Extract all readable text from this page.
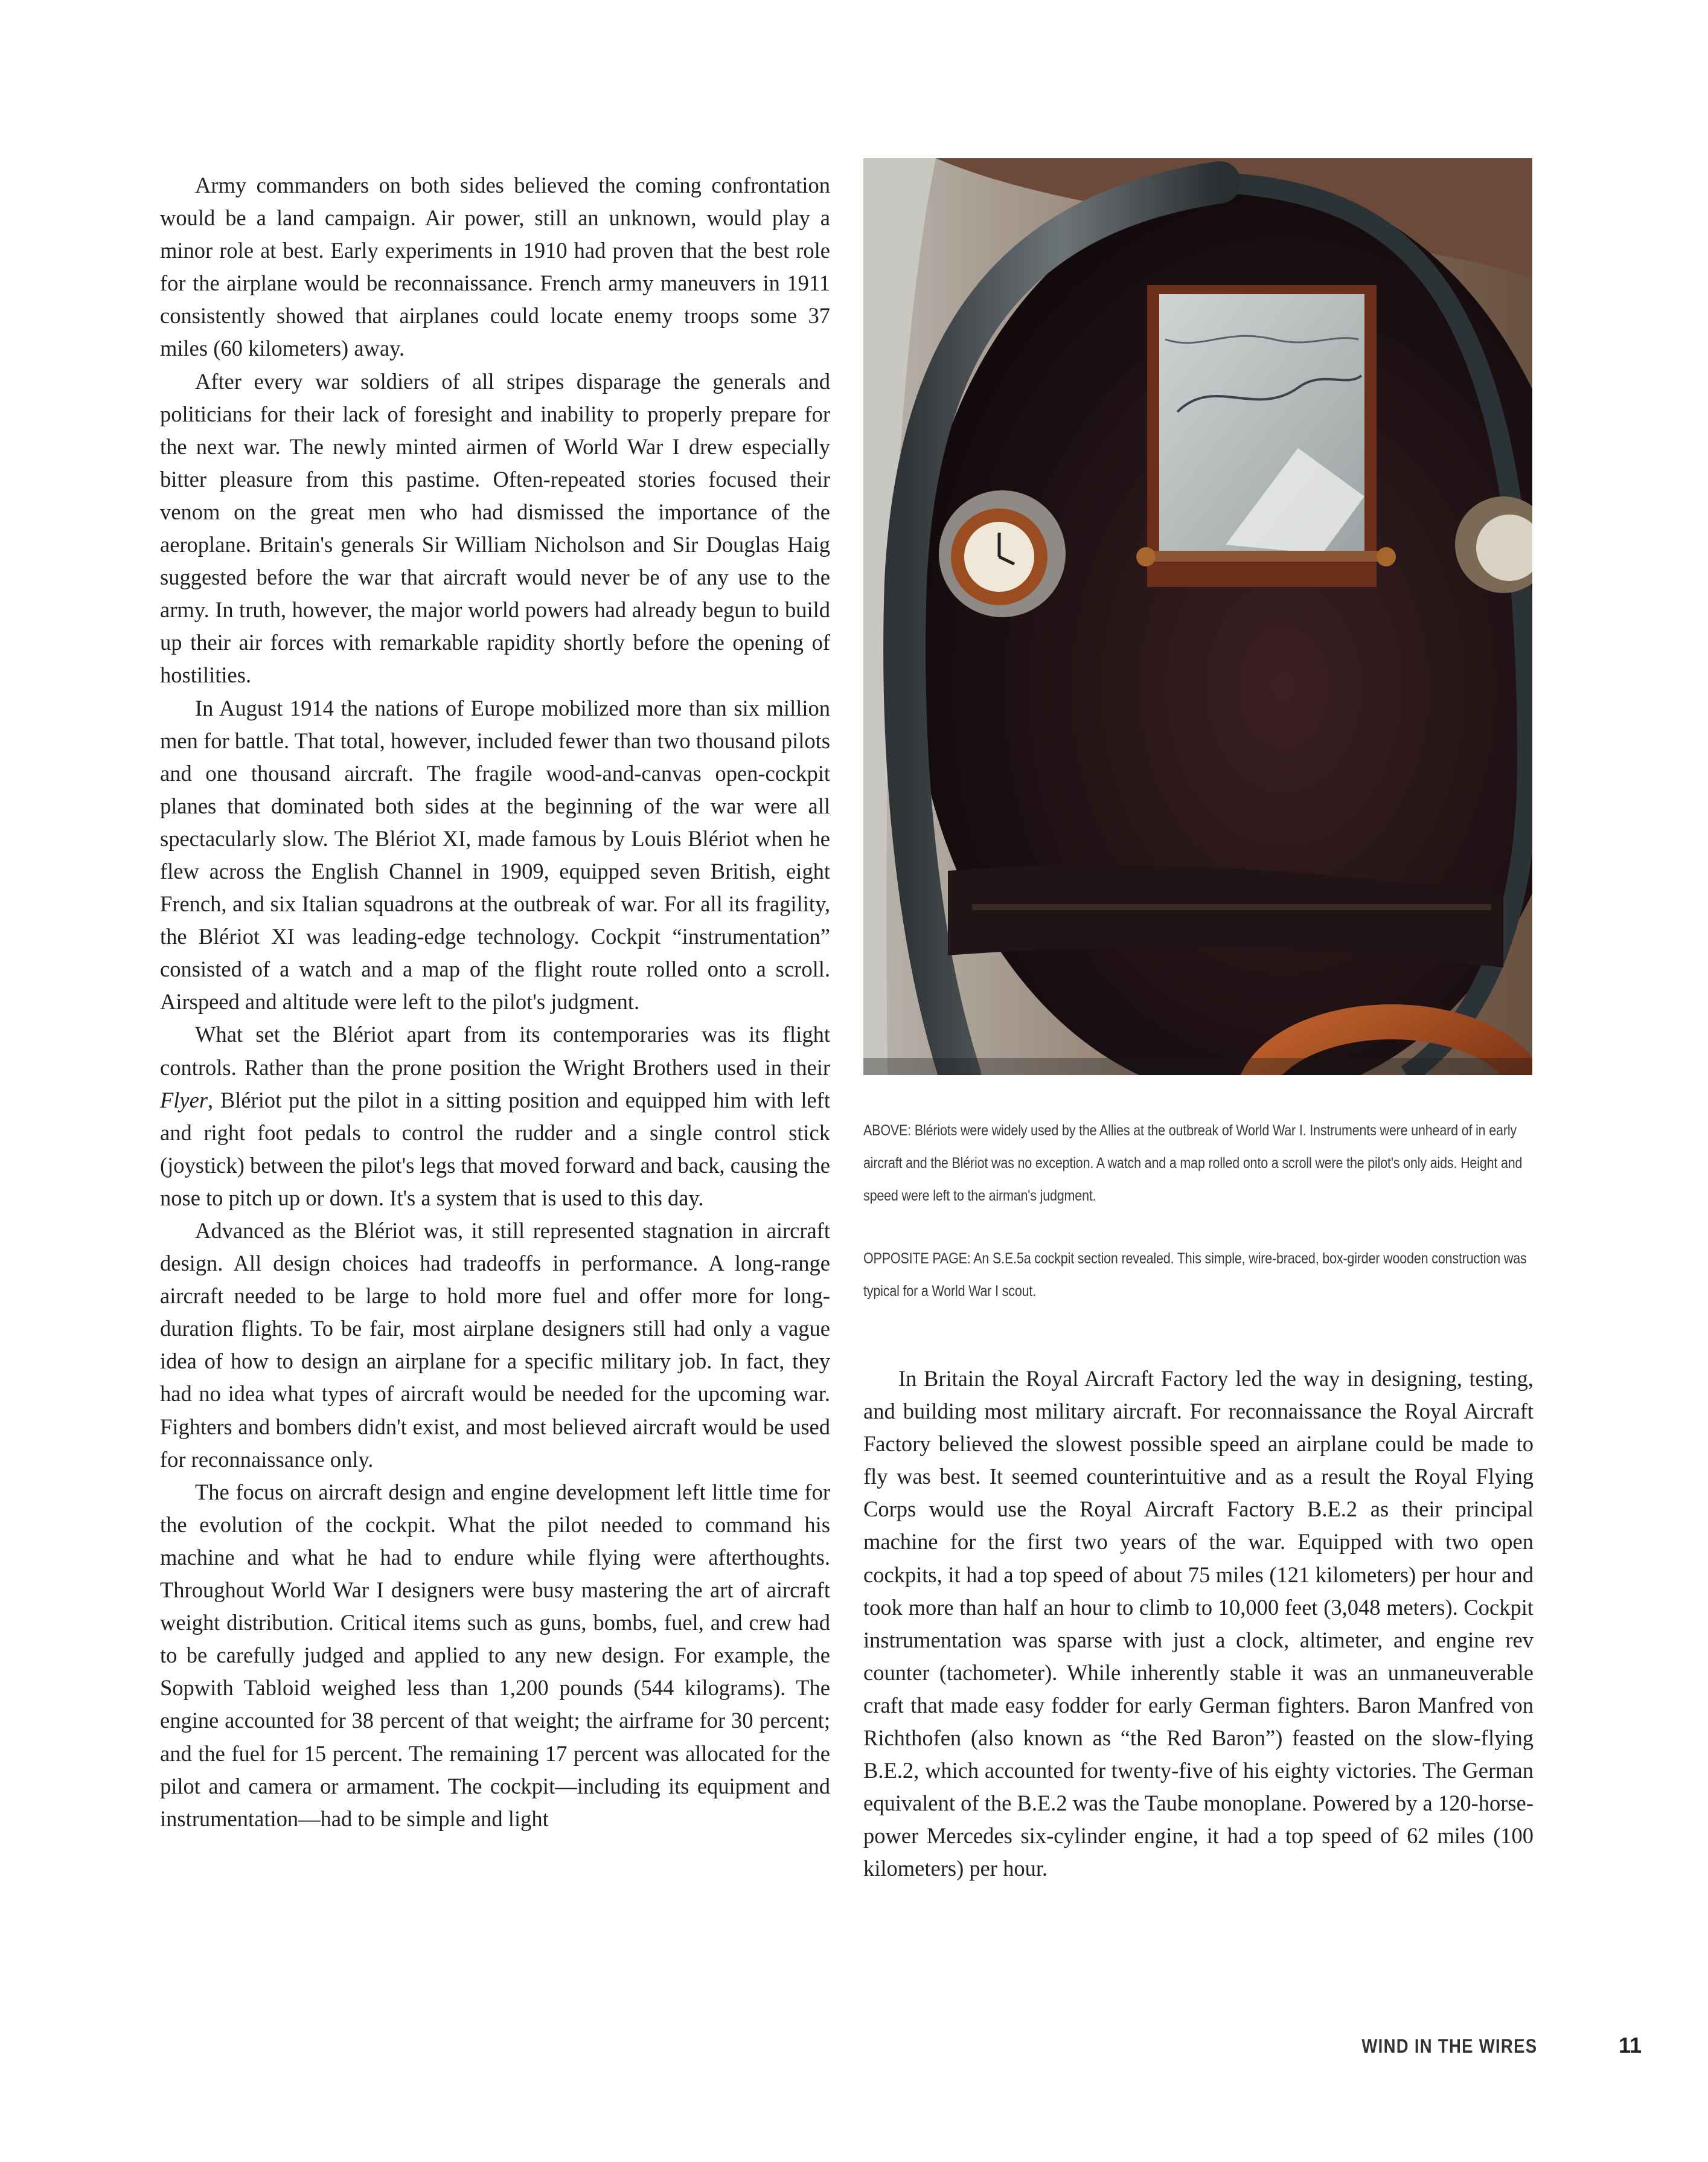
Army commanders on both sides believed the coming confrontation would be a land campaign. Air power, still an unknown, would play a minor role at best. Early experiments in 1910 had proven that the best role for the airplane would be reconnaissance. French army maneuvers in 1911 consistently showed that airplanes could locate enemy troops some 37 miles (60 kilometers) away.

After every war soldiers of all stripes disparage the generals and politicians for their lack of foresight and inability to properly prepare for the next war. The newly minted airmen of World War I drew especially bitter pleasure from this pastime. Often-repeated stories focused their venom on the great men who had dismissed the importance of the aeroplane. Britain's generals Sir William Nicholson and Sir Douglas Haig suggested before the war that aircraft would never be of any use to the army. In truth, however, the major world powers had already begun to build up their air forces with remarkable rapidity shortly before the opening of hostilities.

In August 1914 the nations of Europe mobilized more than six million men for battle. That total, however, included fewer than two thousand pilots and one thousand aircraft. The fragile wood-and-canvas open-cockpit planes that dominated both sides at the beginning of the war were all spectacularly slow. The Blériot XI, made famous by Louis Blériot when he flew across the English Channel in 1909, equipped seven British, eight French, and six Italian squadrons at the outbreak of war. For all its fragility, the Blériot XI was leading-edge technology. Cockpit “instrumentation” consisted of a watch and a map of the flight route rolled onto a scroll. Airspeed and altitude were left to the pilot's judgment.

What set the Blériot apart from its contemporaries was its flight controls. Rather than the prone position the Wright Brothers used in their Flyer, Blériot put the pilot in a sitting position and equipped him with left and right foot pedals to control the rudder and a single control stick (joystick) between the pilot's legs that moved forward and back, causing the nose to pitch up or down. It's a system that is used to this day.

Advanced as the Blériot was, it still represented stagnation in aircraft design. All design choices had tradeoffs in performance. A long-range aircraft needed to be large to hold more fuel and offer more for long-duration flights. To be fair, most airplane designers still had only a vague idea of how to design an airplane for a specific military job. In fact, they had no idea what types of aircraft would be needed for the upcoming war. Fighters and bombers didn't exist, and most believed aircraft would be used for reconnaissance only.

The focus on aircraft design and engine development left little time for the evolution of the cockpit. What the pilot needed to command his machine and what he had to endure while flying were afterthoughts. Throughout World War I designers were busy mastering the art of aircraft weight distribution. Critical items such as guns, bombs, fuel, and crew had to be carefully judged and applied to any new design. For example, the Sopwith Tabloid weighed less than 1,200 pounds (544 kilograms). The engine accounted for 38 percent of that weight; the airframe for 30 percent; and the fuel for 15 percent. The remaining 17 percent was allocated for the pilot and camera or armament. The cockpit—including its equipment and instrumentation—had to be simple and light

ABOVE: Blériots were widely used by the Allies at the outbreak of World War I. Instruments were unheard of in early aircraft and the Blériot was no exception. A watch and a map rolled onto a scroll were the pilot's only aids. Height and speed were left to the airman's judgment.

OPPOSITE PAGE: An S.E.5a cockpit section revealed. This simple, wire-braced, box-girder wooden construction was typical for a World War I scout.

In Britain the Royal Aircraft Factory led the way in designing, testing, and building most military aircraft. For reconnaissance the Royal Aircraft Factory believed the slowest possible speed an airplane could be made to fly was best. It seemed counterintuitive and as a result the Royal Flying Corps would use the Royal Aircraft Factory B.E.2 as their principal machine for the first two years of the war. Equipped with two open cockpits, it had a top speed of about 75 miles (121 kilometers) per hour and took more than half an hour to climb to 10,000 feet (3,048 meters). Cockpit instrumentation was sparse with just a clock, altimeter, and engine rev counter (tachometer). While inherently stable it was an unmaneuverable craft that made easy fodder for early German fighters. Baron Manfred von Richthofen (also known as “the Red Baron”) feasted on the slow-flying B.E.2, which accounted for twenty-five of his eighty victories. The German equivalent of the B.E.2 was the Taube monoplane. Powered by a 120-horsepower Mercedes six-cylinder engine, it had a top speed of 62 miles (100 kilometers) per hour.

WIND IN THE WIRES	11
